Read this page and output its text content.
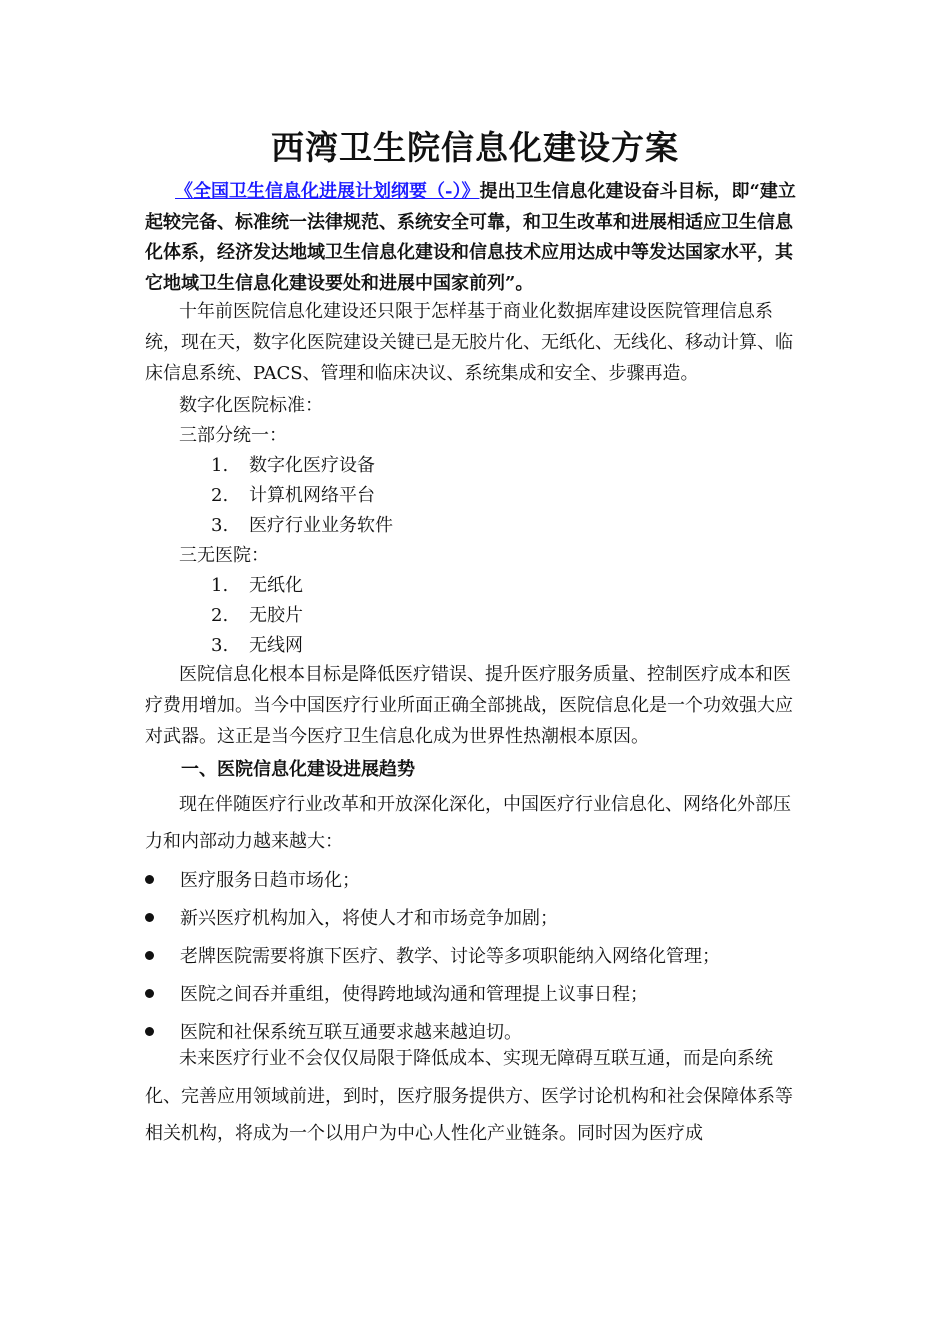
西湾卫生院信息化建设方案
《全国卫生信息化进展计划纲要（-）》提出卫生信息化建设奋斗目标，即“建立起较完备、标准统一法律规范、系统安全可靠，和卫生改革和进展相适应卫生信息化体系，经济发达地域卫生信息化建设和信息技术应用达成中等发达国家水平，其它地域卫生信息化建设要处和进展中国家前列”。

十年前医院信息化建设还只限于怎样基于商业化数据库建设医院管理信息系统，现在天，数字化医院建设关键已是无胶片化、无纸化、无线化、移动计算、临床信息系统、PACS、管理和临床决议、系统集成和安全、步骤再造。

数字化医院标准：
三部分统一：
1. 数字化医疗设备
2. 计算机网络平台
3. 医疗行业业务软件
三无医院：
1. 无纸化
2. 无胶片
3. 无线网

医院信息化根本目标是降低医疗错误、提升医疗服务质量、控制医疗成本和医疗费用增加。当今中国医疗行业所面正确全部挑战，医院信息化是一个功效强大应对武器。这正是当今医疗卫生信息化成为世界性热潮根本原因。

一、医院信息化建设进展趋势

现在伴随医疗行业改革和开放深化深化，中国医疗行业信息化、网络化外部压力和内部动力越来越大：

医疗服务日趋市场化；
新兴医疗机构加入，将使人才和市场竞争加剧；
老牌医院需要将旗下医疗、教学、讨论等多项职能纳入网络化管理；
医院之间吞并重组，使得跨地域沟通和管理提上议事日程；
医院和社保系统互联互通要求越来越迫切。

未来医疗行业不会仅仅局限于降低成本、实现无障碍互联互通，而是向系统化、完善应用领域前进，到时，医疗服务提供方、医学讨论机构和社会保障体系等相关机构，将成为一个以用户为中心人性化产业链条。同时因为医疗成
